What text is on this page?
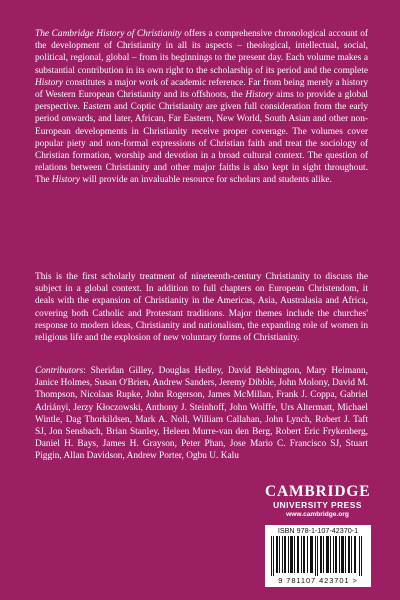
The Cambridge History of Christianity offers a comprehensive chronological account of the development of Christianity in all its aspects – theological, intellectual, social, political, regional, global – from its beginnings to the present day. Each volume makes a substantial contribution in its own right to the scholarship of its period and the complete History constitutes a major work of academic reference. Far from being merely a history of Western European Christianity and its offshoots, the History aims to provide a global perspective. Eastern and Coptic Christianity are given full consideration from the early period onwards, and later, African, Far Eastern, New World, South Asian and other non-European developments in Christianity receive proper coverage. The volumes cover popular piety and non-formal expressions of Christian faith and treat the sociology of Christian formation, worship and devotion in a broad cultural context. The question of relations between Christianity and other major faiths is also kept in sight throughout. The History will provide an invaluable resource for scholars and students alike.

This is the first scholarly treatment of nineteenth-century Christianity to discuss the subject in a global context. In addition to full chapters on European Christendom, it deals with the expansion of Christianity in the Americas, Asia, Australasia and Africa, covering both Catholic and Protestant traditions. Major themes include the churches' response to modern ideas, Christianity and nationalism, the expanding role of women in religious life and the explosion of new voluntary forms of Christianity.

Contributors: Sheridan Gilley, Douglas Hedley, David Bebbington, Mary Heimann, Janice Holmes, Susan O'Brien, Andrew Sanders, Jeremy Dibble, John Molony, David M. Thompson, Nicolaas Rupke, John Rogerson, James McMillan, Frank J. Coppa, Gabriel Adriányi, Jerzy Kłoczowski, Anthony J. Steinhoff, John Wolffe, Urs Altermatt, Michael Wintle, Dag Thorkildsen, Mark A. Noll, William Callahan, John Lynch, Robert J. Taft SJ, Jon Sensbach, Brian Stanley, Heleen Murre-van den Berg, Robert Eric Frykenberg, Daniel H. Bays, James H. Grayson, Peter Phan, Jose Mario C. Francisco SJ, Stuart Piggin, Allan Davidson, Andrew Porter, Ogbu U. Kalu

CAMBRIDGE
UNIVERSITY PRESS
www.cambridge.org
ISBN 978-1-107-42370-1
9 781107 423701 >
